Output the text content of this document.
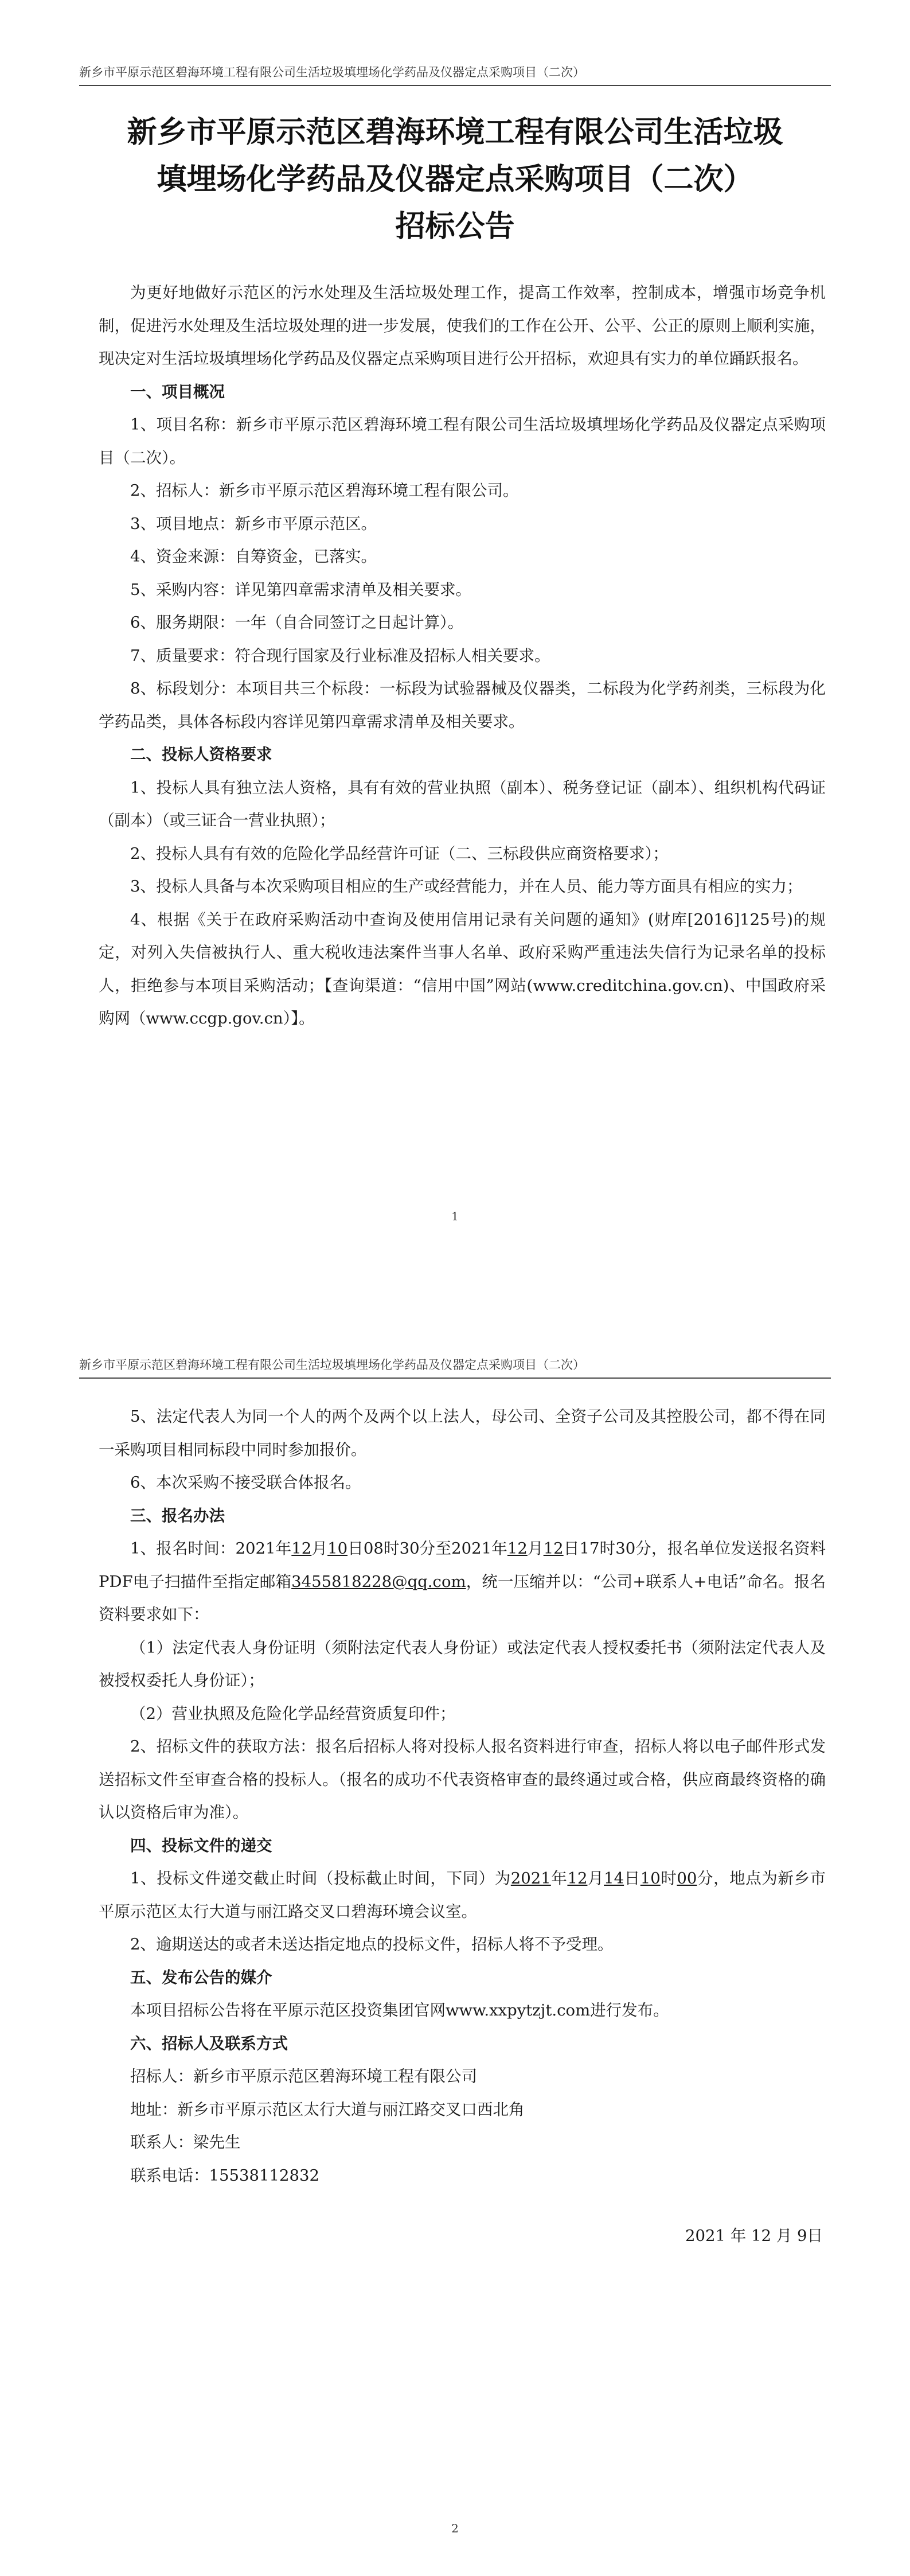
新乡市平原示范区碧海环境工程有限公司生活垃圾填埋场化学药品及仪器定点采购项目（二次）
新乡市平原示范区碧海环境工程有限公司生活垃圾
填埋场化学药品及仪器定点采购项目（二次）
招标公告

为更好地做好示范区的污水处理及生活垃圾处理工作，提高工作效率，控制成本，增强市场竞争机制，促进污水处理及生活垃圾处理的进一步发展，使我们的工作在公开、公平、公正的原则上顺利实施，现决定对生活垃圾填埋场化学药品及仪器定点采购项目进行公开招标，欢迎具有实力的单位踊跃报名。

一、项目概况

1、项目名称：新乡市平原示范区碧海环境工程有限公司生活垃圾填埋场化学药品及仪器定点采购项目（二次）。

2、招标人：新乡市平原示范区碧海环境工程有限公司。

3、项目地点：新乡市平原示范区。

4、资金来源：自筹资金，已落实。

5、采购内容：详见第四章需求清单及相关要求。

6、服务期限：一年（自合同签订之日起计算）。

7、质量要求：符合现行国家及行业标准及招标人相关要求。

8、标段划分：本项目共三个标段：一标段为试验器械及仪器类，二标段为化学药剂类，三标段为化学药品类，具体各标段内容详见第四章需求清单及相关要求。

二、投标人资格要求

1、投标人具有独立法人资格，具有有效的营业执照（副本）、税务登记证（副本）、组织机构代码证（副本）（或三证合一营业执照）；

2、投标人具有有效的危险化学品经营许可证（二、三标段供应商资格要求）；

3、投标人具备与本次采购项目相应的生产或经营能力，并在人员、能力等方面具有相应的实力；

4、根据《关于在政府采购活动中查询及使用信用记录有关问题的通知》(财库[2016]125号)的规定，对列入失信被执行人、重大税收违法案件当事人名单、政府采购严重违法失信行为记录名单的投标人，拒绝参与本项目采购活动；【查询渠道：“信用中国”网站(www.creditchina.gov.cn)、中国政府采购网（www.ccgp.gov.cn）】。

1
新乡市平原示范区碧海环境工程有限公司生活垃圾填埋场化学药品及仪器定点采购项目（二次）

5、法定代表人为同一个人的两个及两个以上法人，母公司、全资子公司及其控股公司，都不得在同一采购项目相同标段中同时参加报价。

6、本次采购不接受联合体报名。

三、报名办法

1、报名时间：2021年12月10日08时30分至2021年12月12日17时30分，报名单位发送报名资料PDF电子扫描件至指定邮箱3455818228@qq.com，统一压缩并以：“公司+联系人+电话”命名。报名资料要求如下：

（1）法定代表人身份证明（须附法定代表人身份证）或法定代表人授权委托书（须附法定代表人及被授权委托人身份证）；

（2）营业执照及危险化学品经营资质复印件；

2、招标文件的获取方法：报名后招标人将对投标人报名资料进行审查，招标人将以电子邮件形式发送招标文件至审查合格的投标人。（报名的成功不代表资格审查的最终通过或合格，供应商最终资格的确认以资格后审为准）。

四、投标文件的递交

1、投标文件递交截止时间（投标截止时间，下同）为2021年12月14日10时00分，地点为新乡市平原示范区太行大道与丽江路交叉口碧海环境会议室。

2、逾期送达的或者未送达指定地点的投标文件，招标人将不予受理。

五、发布公告的媒介

本项目招标公告将在平原示范区投资集团官网www.xxpytzjt.com进行发布。

六、招标人及联系方式

招标人：新乡市平原示范区碧海环境工程有限公司

地址：新乡市平原示范区太行大道与丽江路交叉口西北角

联系人：梁先生

联系电话：15538112832

2021 年 12 月 9日

2
